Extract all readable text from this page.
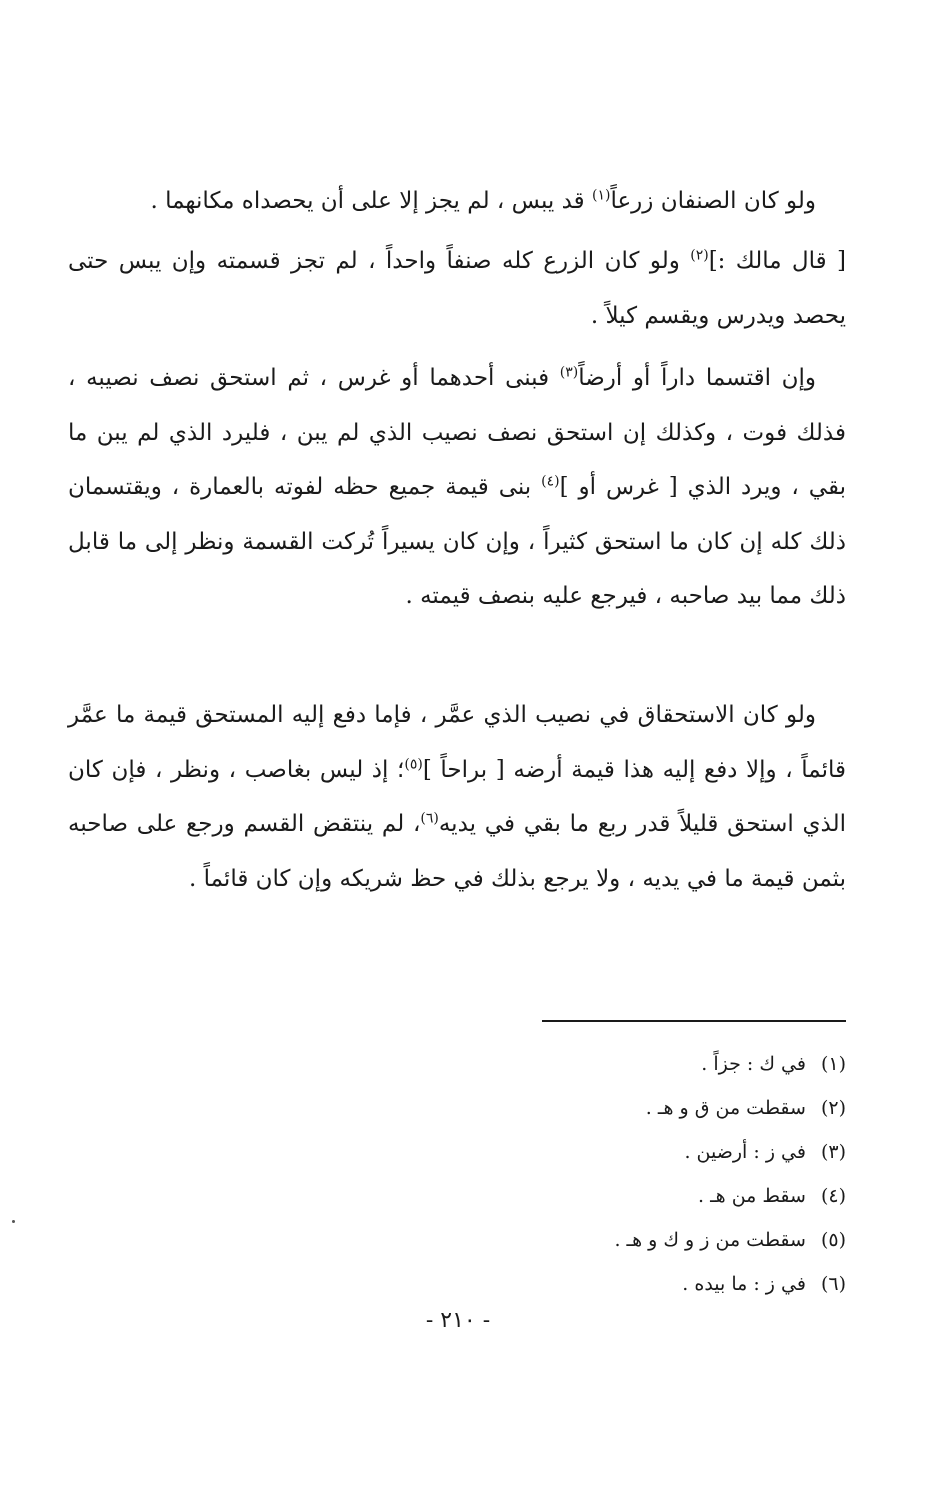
ولو كان الصنفان زرعاً$^{(١)}$ قد يبس ، لم يجز إلا على أن يحصداه مكانهما .

[ قال مالك :]$^{(٢)}$ ولو كان الزرع كله صنفاً واحداً ، لم تجز قسمته وإن يبس حتى يحصد ويدرس ويقسم كيلاً .

وإن اقتسما داراً أو أرضاً$^{(٣)}$ فبنى أحدهما أو غرس ، ثم استحق نصف نصيبه ، فذلك فوت ، وكذلك إن استحق نصف نصيب الذي لم يبن ، فليرد الذي لم يبن ما بقي ، ويرد الذي [ غرس أو ]$^{(٤)}$ بنى قيمة جميع حظه لفوته بالعمارة ، ويقتسمان ذلك كله إن كان ما استحق كثيراً ، وإن كان يسيراً تُركت القسمة ونظر إلى ما قابل ذلك مما بيد صاحبه ، فيرجع عليه بنصف قيمته .

ولو كان الاستحقاق في نصيب الذي عمَّر ، فإما دفع إليه المستحق قيمة ما عمَّر قائماً ، وإلا دفع إليه هذا قيمة أرضه [ براحاً ]$^{(٥)}$؛ إذ ليس بغاصب ، ونظر ، فإن كان الذي استحق قليلاً قدر ربع ما بقي في يديه$^{(٦)}$، لم ينتقض القسم ورجع على صاحبه بثمن قيمة ما في يديه ، ولا يرجع بذلك في حظ شريكه وإن كان قائماً .

(١) في ك : جزاً .
(٢) سقطت من ق و هـ .
(٣) في ز : أرضين .
(٤) سقط من هـ .
(٥) سقطت من ز و ك و هـ .
(٦) في ز : ما بيده .
- ٢١٠ -
